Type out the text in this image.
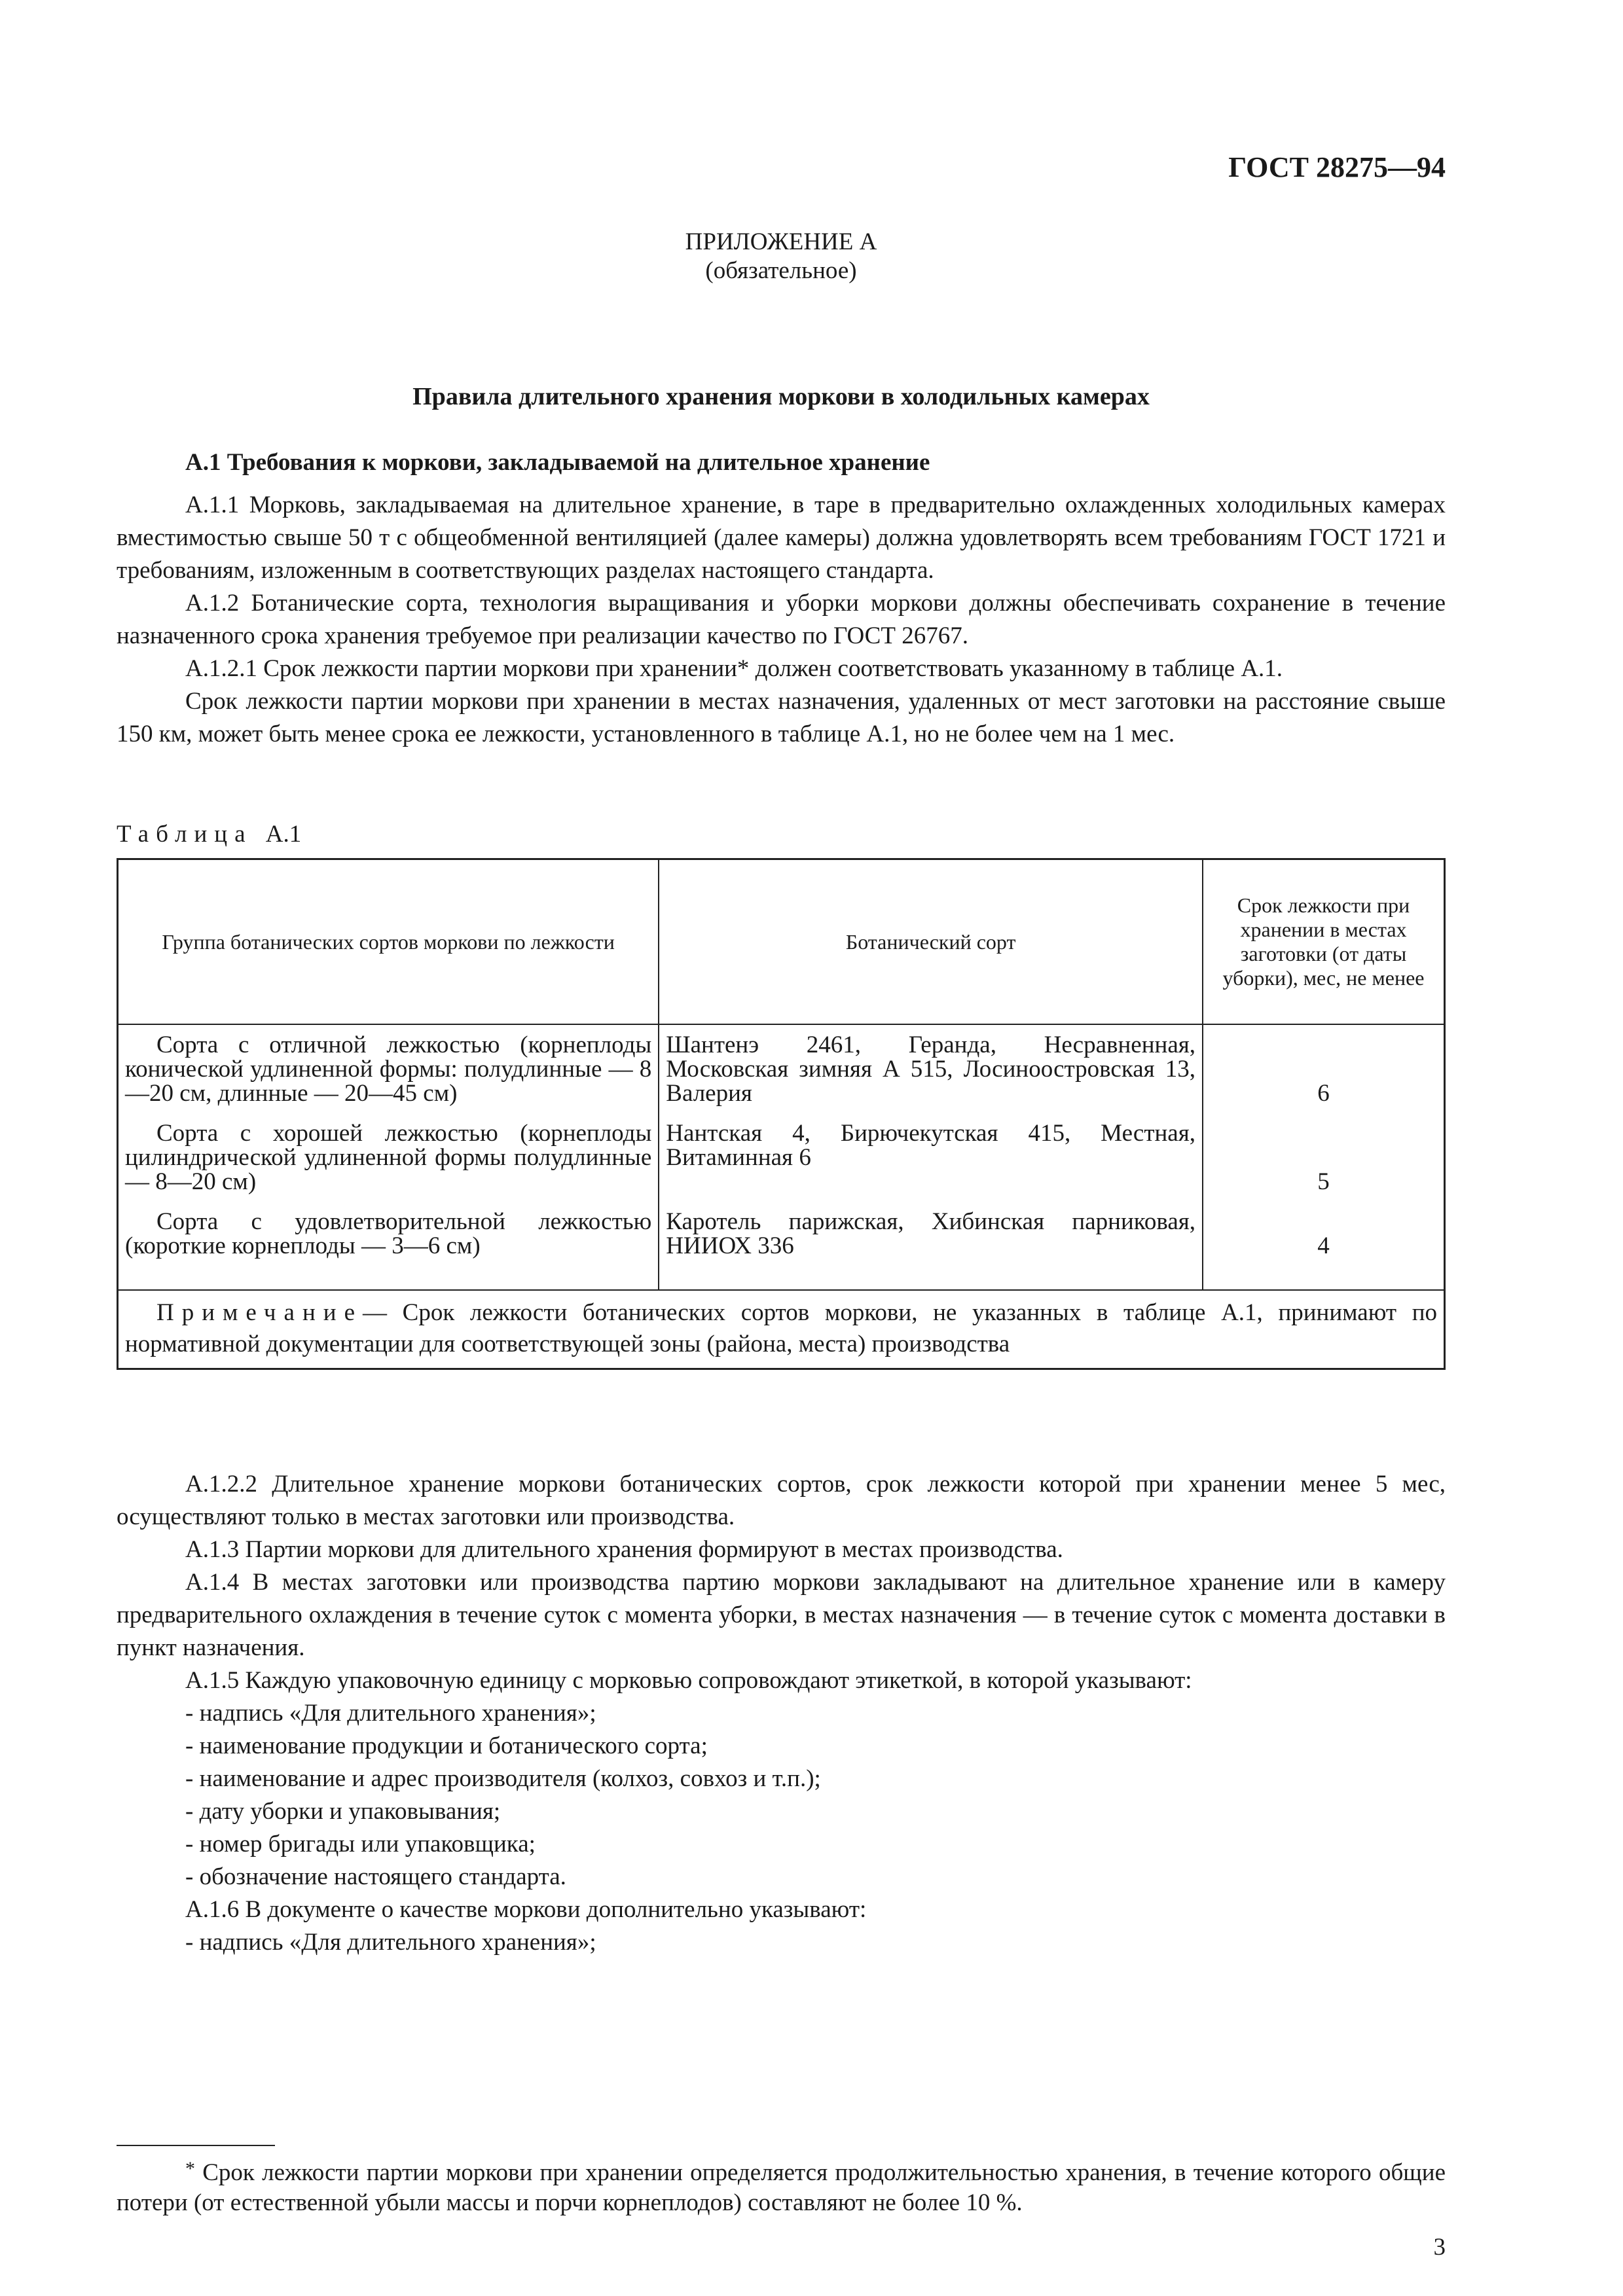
ГОСТ 28275—94
ПРИЛОЖЕНИЕ А
(обязательное)
Правила длительного хранения моркови в холодильных камерах
А.1 Требования к моркови, закладываемой на длительное хранение

А.1.1 Морковь, закладываемая на длительное хранение, в таре в предварительно охлажденных холодильных камерах вместимостью свыше 50 т с общеобменной вентиляцией (далее камеры) должна удовлетворять всем требованиям ГОСТ 1721 и требованиям, изложенным в соответствующих разделах настоящего стандарта.

А.1.2 Ботанические сорта, технология выращивания и уборки моркови должны обеспечивать сохранение в течение назначенного срока хранения требуемое при реализации качество по ГОСТ 26767.

А.1.2.1 Срок лежкости партии моркови при хранении* должен соответствовать указанному в таблице А.1.

Срок лежкости партии моркови при хранении в местах назначения, удаленных от мест заготовки на расстояние свыше 150 км, может быть менее срока ее лежкости, установленного в таблице А.1, но не более чем на 1 мес.

Таблица А.1
Группа ботанических сортов моркови по лежкости	Ботанический сорт	Срок лежкости при хранении в местах заготовки (от даты уборки), мес, не менее
Сорта с отличной лежкостью (корнеплоды конической удлиненной формы: полудлинные — 8—20 см, длинные — 20—45 см)	Шантенэ 2461, Геранда, Несравненная, Московская зимняя А 515, Лосиноостровская 13, Валерия	6
Сорта с хорошей лежкостью (корнеплоды цилиндрической удлиненной формы полудлинные — 8—20 см)	Нантская 4, Бирючекутская 415, Местная, Витаминная 6	5
Сорта с удовлетворительной лежкостью (короткие корнеплоды — 3—6 см)	Каротель парижская, Хибинская парниковая, НИИОХ 336	4
Примечание— Срок лежкости ботанических сортов моркови, не указанных в таблице А.1, принимают по нормативной документации для соответствующей зоны (района, места) производства		

А.1.2.2 Длительное хранение моркови ботанических сортов, срок лежкости которой при хранении менее 5 мес, осуществляют только в местах заготовки или производства.

А.1.3 Партии моркови для длительного хранения формируют в местах производства.

А.1.4 В местах заготовки или производства партию моркови закладывают на длительное хранение или в камеру предварительного охлаждения в течение суток с момента уборки, в местах назначения — в течение суток с момента доставки в пункт назначения.

А.1.5 Каждую упаковочную единицу с морковью сопровождают этикеткой, в которой указывают:

- надпись «Для длительного хранения»;

- наименование продукции и ботанического сорта;

- наименование и адрес производителя (колхоз, совхоз и т.п.);

- дату уборки и упаковывания;

- номер бригады или упаковщика;

- обозначение настоящего стандарта.

А.1.6 В документе о качестве моркови дополнительно указывают:

- надпись «Для длительного хранения»;

* Срок лежкости партии моркови при хранении определяется продолжительностью хранения, в течение которого общие потери (от естественной убыли массы и порчи корнеплодов) составляют не более 10 %.

3
